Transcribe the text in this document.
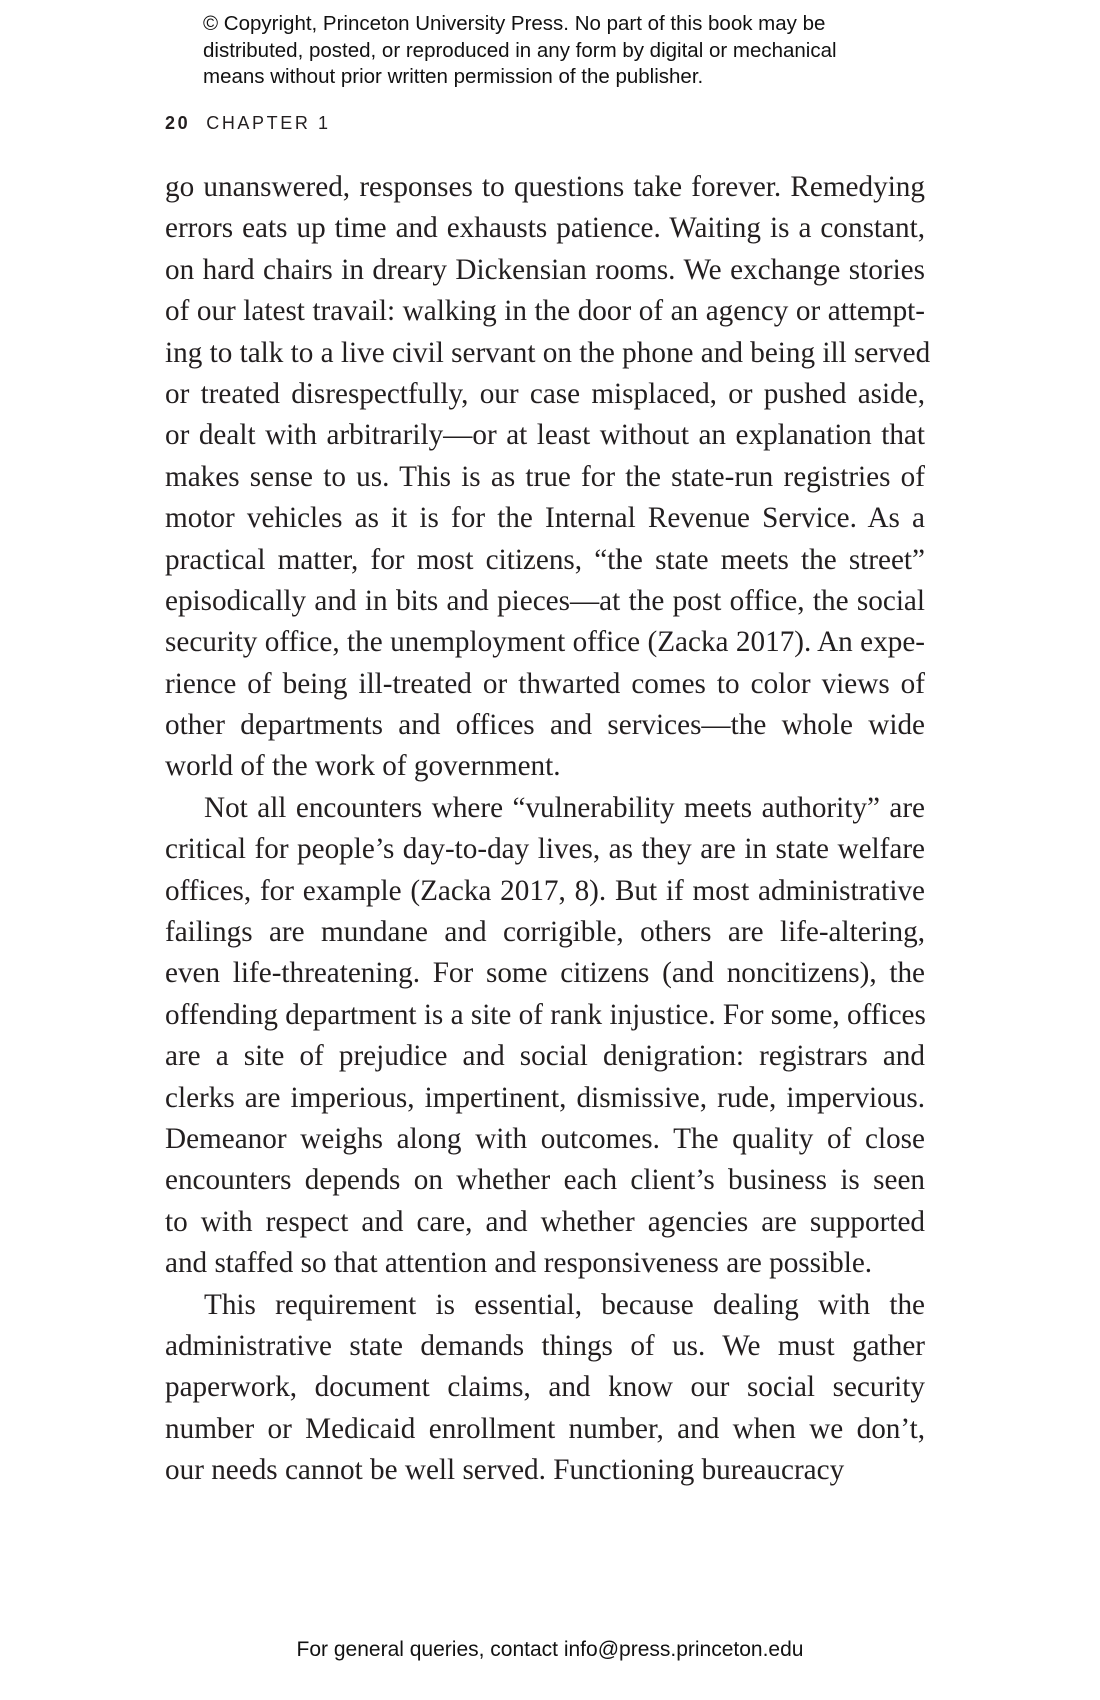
© Copyright, Princeton University Press. No part of this book may be

distributed, posted, or reproduced in any form by digital or mechanical

means without prior written permission of the publisher.

20 CHAPTER 1
go unanswered, responses to questions take forever. Remedying
errors eats up time and exhausts patience. Waiting is a constant,
on hard chairs in dreary Dickensian rooms. We exchange stories
of our latest travail: walking in the door of an agency or attempt-
ing to talk to a live civil servant on the phone and being ill served
or treated disrespectfully, our case misplaced, or pushed aside,
or dealt with arbitrarily—or at least without an explanation that
makes sense to us. This is as true for the state-run registries of
motor vehicles as it is for the Internal Revenue Service. As a
practical matter, for most citizens, “the state meets the street”
episodically and in bits and pieces—at the post office, the social
security office, the unemployment office (Zacka 2017). An expe-
rience of being ill-treated or thwarted comes to color views of
other departments and offices and services—the whole wide
world of the work of government.
Not all encounters where “vulnerability meets authority” are
critical for people’s day-to-day lives, as they are in state welfare
offices, for example (Zacka 2017, 8). But if most administrative
failings are mundane and corrigible, others are life-altering,
even life-threatening. For some citizens (and noncitizens), the
offending department is a site of rank injustice. For some, offices
are a site of prejudice and social denigration: registrars and
clerks are imperious, impertinent, dismissive, rude, impervious.
Demeanor weighs along with outcomes. The quality of close
encounters depends on whether each client’s business is seen
to with respect and care, and whether agencies are supported
and staffed so that attention and responsiveness are possible.
This requirement is essential, because dealing with the
administrative state demands things of us. We must gather
paperwork, document claims, and know our social security
number or Medicaid enrollment number, and when we don’t,
our needs cannot be well served. Functioning bureaucracy
For general queries, contact info@press.princeton.edu
